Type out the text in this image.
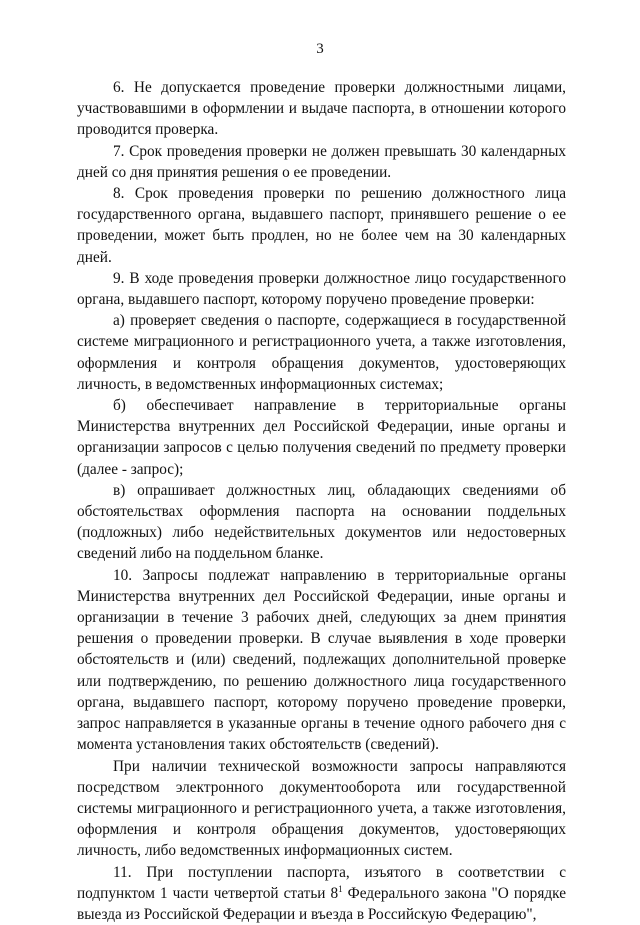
3

6. Не допускается проведение проверки должностными лицами, участвовавшими в оформлении и выдаче паспорта, в отношении которого проводится проверка.

7. Срок проведения проверки не должен превышать 30 календарных дней со дня принятия решения о ее проведении.

8. Срок проведения проверки по решению должностного лица государственного органа, выдавшего паспорт, принявшего решение о ее проведении, может быть продлен, но не более чем на 30 календарных дней.

9. В ходе проведения проверки должностное лицо государственного органа, выдавшего паспорт, которому поручено проведение проверки:

а) проверяет сведения о паспорте, содержащиеся в государственной системе миграционного и регистрационного учета, а также изготовления, оформления и контроля обращения документов, удостоверяющих личность, в ведомственных информационных системах;

б) обеспечивает направление в территориальные органы Министерства внутренних дел Российской Федерации, иные органы и организации запросов с целью получения сведений по предмету проверки (далее - запрос);

в) опрашивает должностных лиц, обладающих сведениями об обстоятельствах оформления паспорта на основании поддельных (подложных) либо недействительных документов или недостоверных сведений либо на поддельном бланке.

10. Запросы подлежат направлению в территориальные органы Министерства внутренних дел Российской Федерации, иные органы и организации в течение 3 рабочих дней, следующих за днем принятия решения о проведении проверки. В случае выявления в ходе проверки обстоятельств и (или) сведений, подлежащих дополнительной проверке или подтверждению, по решению должностного лица государственного органа, выдавшего паспорт, которому поручено проведение проверки, запрос направляется в указанные органы в течение одного рабочего дня с момента установления таких обстоятельств (сведений).

При наличии технической возможности запросы направляются посредством электронного документооборота или государственной системы миграционного и регистрационного учета, а также изготовления, оформления и контроля обращения документов, удостоверяющих личность, либо ведомственных информационных систем.

11. При поступлении паспорта, изъятого в соответствии с подпунктом 1 части четвертой статьи $8^1$ Федерального закона "О порядке выезда из Российской Федерации и въезда в Российскую Федерацию",
